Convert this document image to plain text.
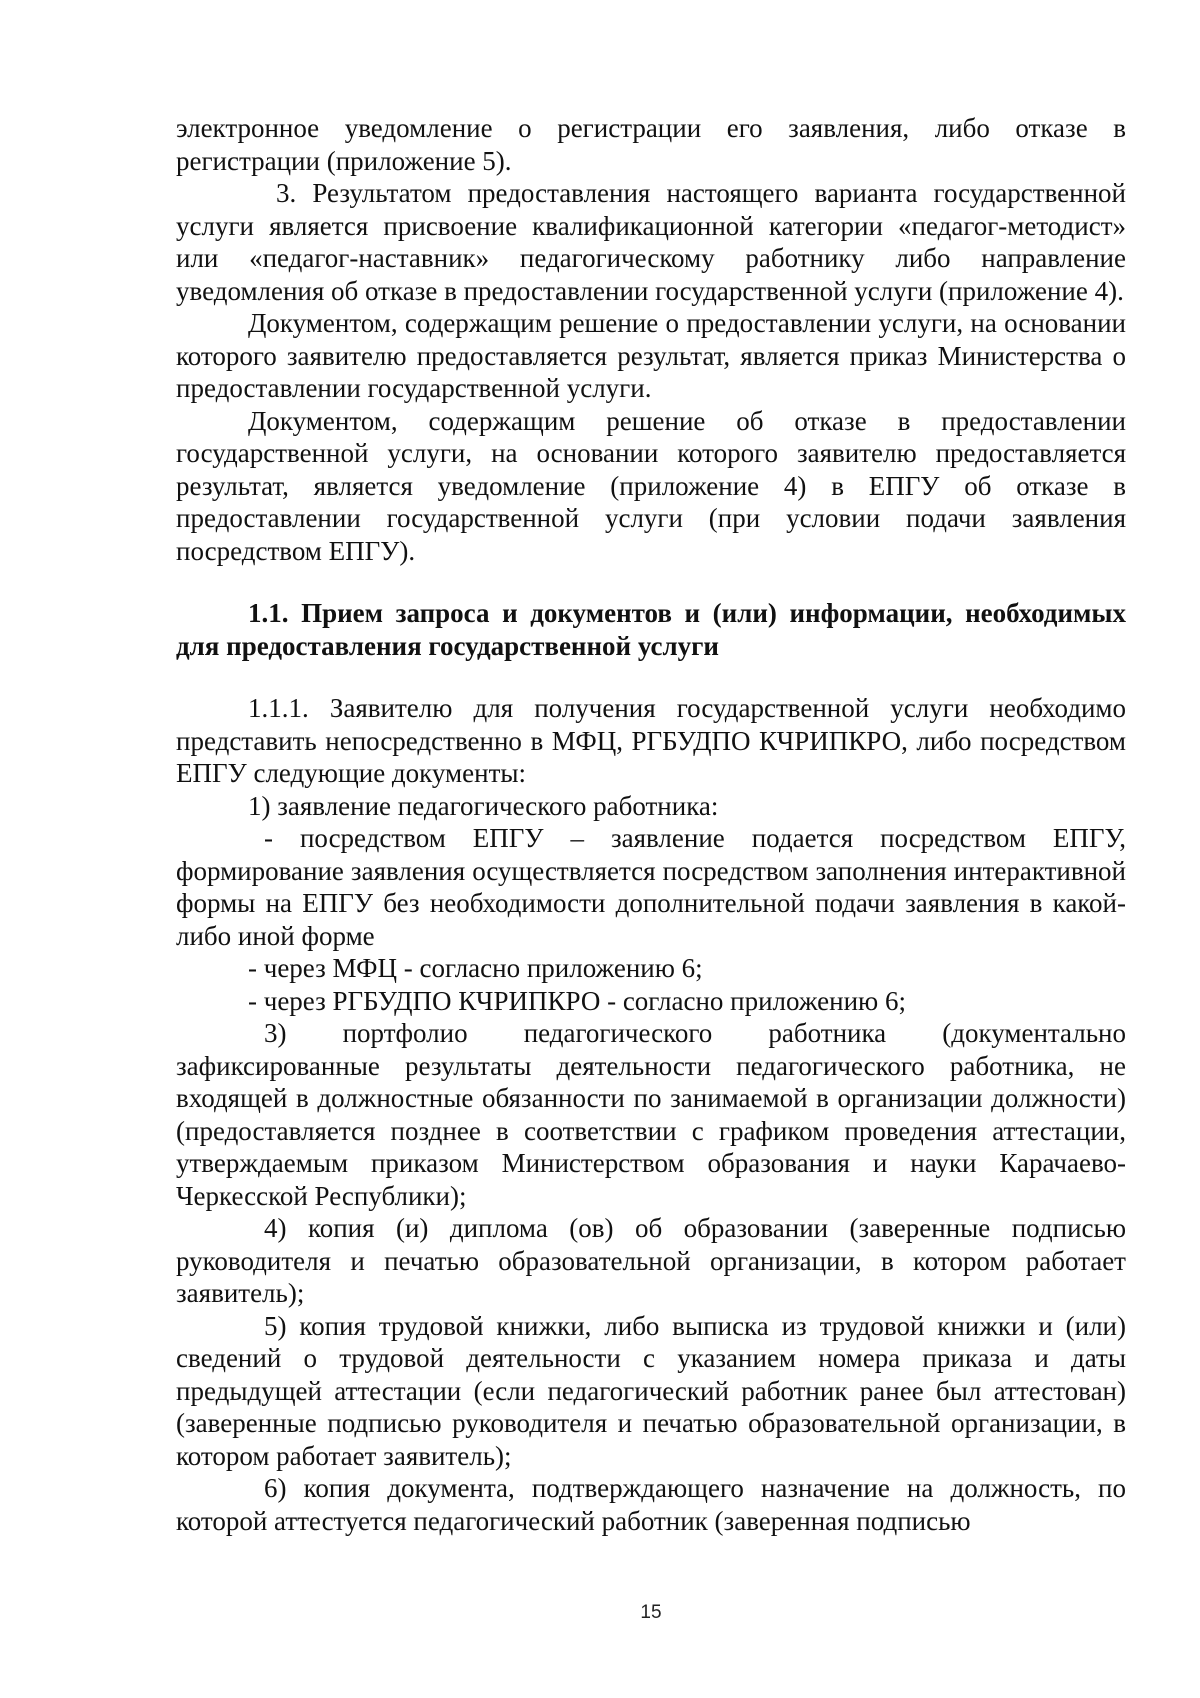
электронное уведомление о регистрации его заявления, либо отказе в регистрации (приложение 5).

3. Результатом предоставления настоящего варианта государственной услуги является присвоение квалификационной категории «педагог-методист» или «педагог-наставник» педагогическому работнику либо направление уведомления об отказе в предоставлении государственной услуги (приложение 4).

Документом, содержащим решение о предоставлении услуги, на основании которого заявителю предоставляется результат, является приказ Министерства о предоставлении государственной услуги.

Документом, содержащим решение об отказе в предоставлении государственной услуги, на основании которого заявителю предоставляется результат, является уведомление (приложение 4) в ЕПГУ об отказе в предоставлении государственной услуги (при условии подачи заявления посредством ЕПГУ).

1.1. Прием запроса и документов и (или) информации, необходимых для предоставления государственной услуги

1.1.1. Заявителю для получения государственной услуги необходимо представить непосредственно в МФЦ, РГБУДПО КЧРИПКРО, либо посредством ЕПГУ следующие документы:

1) заявление педагогического работника:

- посредством ЕПГУ – заявление подается посредством ЕПГУ, формирование заявления осуществляется посредством заполнения интерактивной формы на ЕПГУ без необходимости дополнительной подачи заявления в какой-либо иной форме

- через МФЦ - согласно приложению 6;

- через РГБУДПО КЧРИПКРО - согласно приложению 6;

3) портфолио педагогического работника (документально зафиксированные результаты деятельности педагогического работника, не входящей в должностные обязанности по занимаемой в организации должности) (предоставляется позднее в соответствии с графиком проведения аттестации, утверждаемым приказом Министерством образования и науки Карачаево-Черкесской Республики);

4) копия (и) диплома (ов) об образовании (заверенные подписью руководителя и печатью образовательной организации, в котором работает заявитель);

5) копия трудовой книжки, либо выписка из трудовой книжки и (или) сведений о трудовой деятельности с указанием номера приказа и даты предыдущей аттестации (если педагогический работник ранее был аттестован) (заверенные подписью руководителя и печатью образовательной организации, в котором работает заявитель);

6) копия документа, подтверждающего назначение на должность, по которой аттестуется педагогический работник (заверенная подписью

15
